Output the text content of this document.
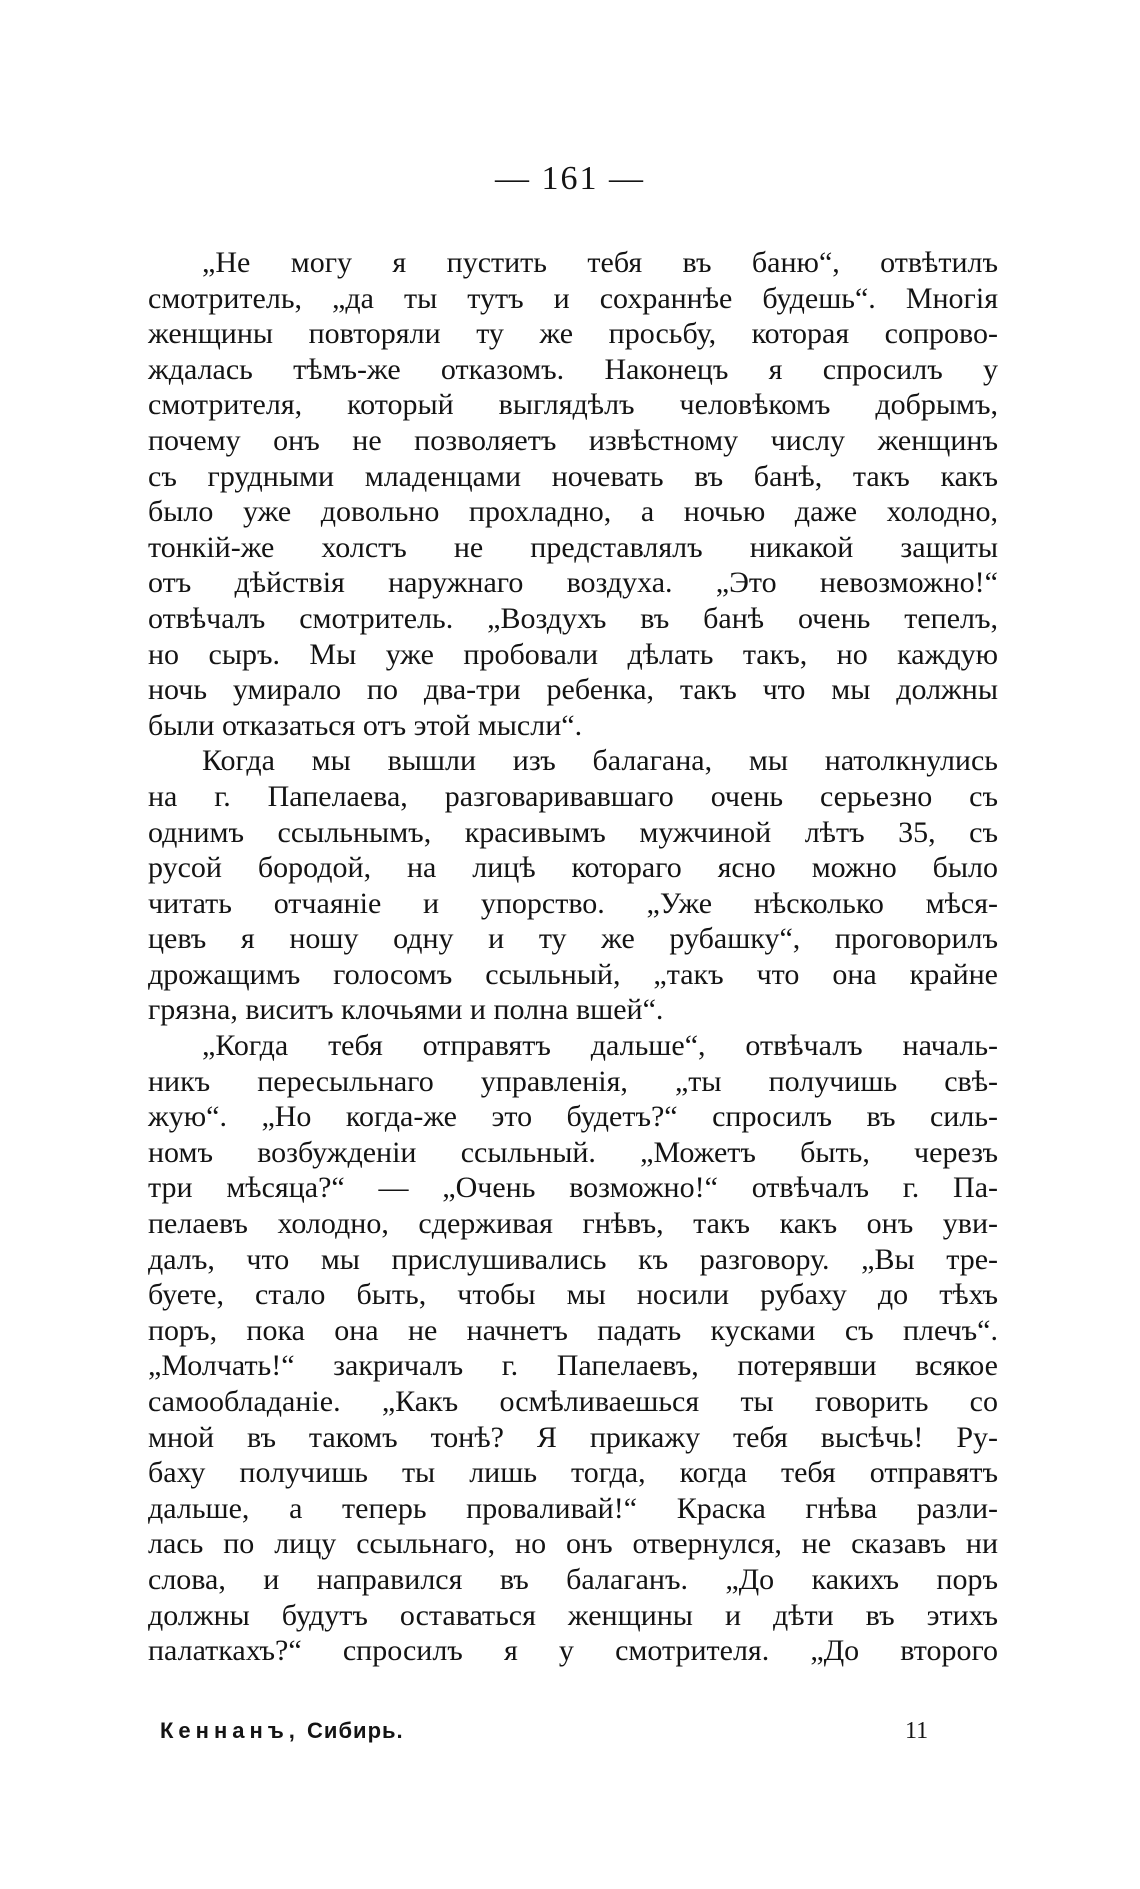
— 161 —
„Не могу я пустить тебя въ баню“, отвѣтилъ
смотритель, „да ты тутъ и сохраннѣе будешь“. Многія
женщины повторяли ту же просьбу, которая сопрово-
ждалась тѣмъ-же отказомъ. Наконецъ я спросилъ у
смотрителя, который выглядѣлъ человѣкомъ добрымъ,
почему онъ не позволяетъ извѣстному числу женщинъ
съ грудными младенцами ночевать въ банѣ, такъ какъ
было уже довольно прохладно, а ночью даже холодно,
тонкій-же холстъ не представлялъ никакой защиты
отъ дѣйствія наружнаго воздуха. „Это невозможно!“
отвѣчалъ смотритель. „Воздухъ въ банѣ очень тепелъ,
но сыръ. Мы уже пробовали дѣлать такъ, но каждую
ночь умирало по два-три ребенка, такъ что мы должны
были отказаться отъ этой мысли“.
Когда мы вышли изъ балагана, мы натолкнулись
на г. Папелаева, разговаривавшаго очень серьезно съ
однимъ ссыльнымъ, красивымъ мужчиной лѣтъ 35, съ
русой бородой, на лицѣ котораго ясно можно было
читать отчаяніе и упорство. „Уже нѣсколько мѣся-
цевъ я ношу одну и ту же рубашку“, проговорилъ
дрожащимъ голосомъ ссыльный, „такъ что она крайне
грязна, виситъ клочьями и полна вшей“.
„Когда тебя отправятъ дальше“, отвѣчалъ началь-
никъ пересыльнаго управленія, „ты получишь свѣ-
жую“. „Но когда-же это будетъ?“ спросилъ въ силь-
номъ возбужденіи ссыльный. „Можетъ быть, черезъ
три мѣсяца?“ — „Очень возможно!“ отвѣчалъ г. Па-
пелаевъ холодно, сдерживая гнѣвъ, такъ какъ онъ уви-
далъ, что мы прислушивались къ разговору. „Вы тре-
буете, стало быть, чтобы мы носили рубаху до тѣхъ
поръ, пока она не начнетъ падать кусками съ плечъ“.
„Молчать!“ закричалъ г. Папелаевъ, потерявши всякое
самообладаніе. „Какъ осмѣливаешься ты говорить со
мной въ такомъ тонѣ? Я прикажу тебя высѣчь! Ру-
баху получишь ты лишь тогда, когда тебя отправятъ
дальше, а теперь проваливай!“ Краска гнѣва разли-
лась по лицу ссыльнаго, но онъ отвернулся, не сказавъ ни
слова, и направился въ балаганъ. „До какихъ поръ
должны будутъ оставаться женщины и дѣти въ этихъ
палаткахъ?“ спросилъ я у смотрителя. „До второго
Кеннанъ, Сибирь.	11
